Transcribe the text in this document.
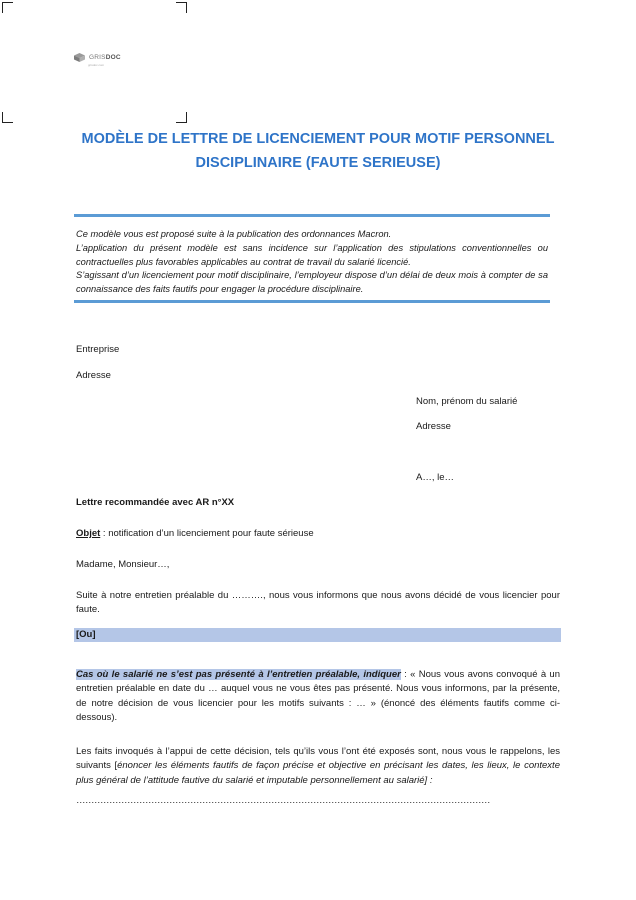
GRISDOC
grisdoc.com
MODÈLE DE LETTRE DE LICENCIEMENT POUR MOTIF PERSONNEL
DISCIPLINAIRE (FAUTE SERIEUSE)

Ce modèle vous est proposé suite à la publication des ordonnances Macron.

L’application du présent modèle est sans incidence sur l’application des stipulations conventionnelles ou contractuelles plus favorables applicables au contrat de travail du salarié licencié.

S’agissant d’un licenciement pour motif disciplinaire, l’employeur dispose d’un délai de deux mois à compter de sa connaissance des faits fautifs pour engager la procédure disciplinaire.

Entreprise
Adresse
Nom, prénom du salarié
Adresse
A…, le…
Lettre recommandée avec AR n°XX
Objet : notification d’un licenciement pour faute sérieuse
Madame, Monsieur…,

Suite à notre entretien préalable du ………., nous vous informons que nous avons décidé de vous licencier pour faute.

[Ou]

Cas où le salarié ne s’est pas présenté à l’entretien préalable, indiquer : « Nous vous avons convoqué à un entretien préalable en date du … auquel vous ne vous êtes pas présenté. Nous vous informons, par la présente, de notre décision de vous licencier pour les motifs suivants : … » (énoncé des éléments fautifs comme ci-dessous).

Les faits invoqués à l’appui de cette décision, tels qu’ils vous l’ont été exposés sont, nous vous le rappelons, les suivants [énoncer les éléments fautifs de façon précise et objective en précisant les dates, les lieux, le contexte plus général de l’attitude fautive du salarié et imputable personnellement au salarié] :

…………………………………………………………………………………………………………………………
